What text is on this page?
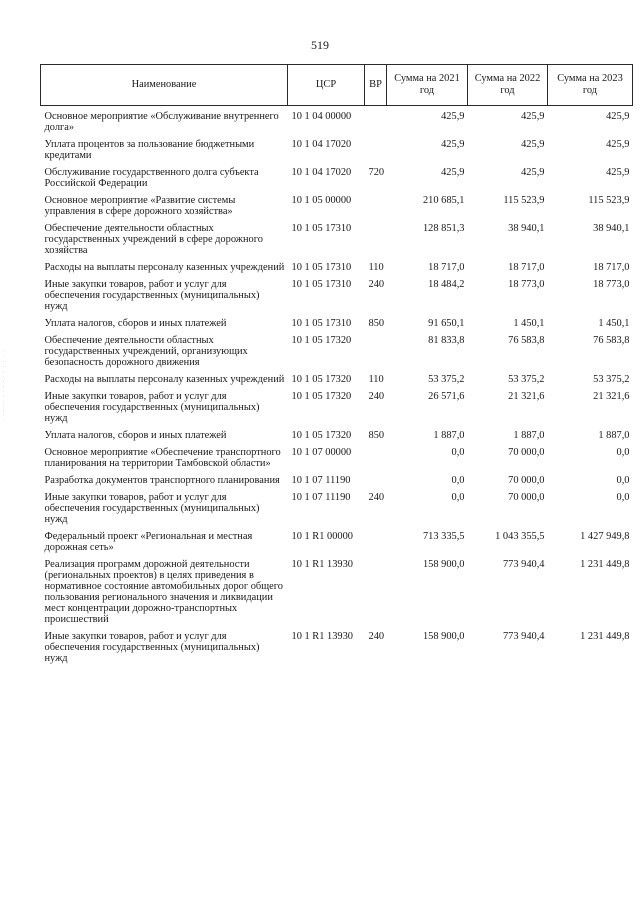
519
· · · · · · · · · · · · · · ·
Наименование	ЦСР	ВР	Сумма на 2021 год	Сумма на 2022 год	Сумма на 2023 год

Основное мероприятие «Обслуживание внутреннего долга»	10 1 04 00000		425,9	425,9	425,9
Уплата процентов за пользование бюджетными кредитами	10 1 04 17020		425,9	425,9	425,9
Обслуживание государственного долга субъекта Российской Федерации	10 1 04 17020	720	425,9	425,9	425,9
Основное мероприятие «Развитие системы управления в сфере дорожного хозяйства»	10 1 05 00000		210 685,1	115 523,9	115 523,9
Обеспечение деятельности областных государственных учреждений в сфере дорожного хозяйства	10 1 05 17310		128 851,3	38 940,1	38 940,1
Расходы на выплаты персоналу казенных учреждений	10 1 05 17310	110	18 717,0	18 717,0	18 717,0
Иные закупки товаров, работ и услуг для обеспечения государственных (муниципальных) нужд	10 1 05 17310	240	18 484,2	18 773,0	18 773,0
Уплата налогов, сборов и иных платежей	10 1 05 17310	850	91 650,1	1 450,1	1 450,1
Обеспечение деятельности областных государственных учреждений, организующих безопасность дорожного движения	10 1 05 17320		81 833,8	76 583,8	76 583,8
Расходы на выплаты персоналу казенных учреждений	10 1 05 17320	110	53 375,2	53 375,2	53 375,2
Иные закупки товаров, работ и услуг для обеспечения государственных (муниципальных) нужд	10 1 05 17320	240	26 571,6	21 321,6	21 321,6
Уплата налогов, сборов и иных платежей	10 1 05 17320	850	1 887,0	1 887,0	1 887,0
Основное мероприятие «Обеспечение транспортного планирования на территории Тамбовской области»	10 1 07 00000		0,0	70 000,0	0,0
Разработка документов транспортного планирования	10 1 07 11190		0,0	70 000,0	0,0
Иные закупки товаров, работ и услуг для обеспечения государственных (муниципальных) нужд	10 1 07 11190	240	0,0	70 000,0	0,0
Федеральный проект «Региональная и местная дорожная сеть»	10 1 R1 00000		713 335,5	1 043 355,5	1 427 949,8
Реализация программ дорожной деятельности (региональных проектов) в целях приведения в нормативное состояние автомобильных дорог общего пользования регионального значения и ликвидации мест концентрации дорожно-транспортных происшествий	10 1 R1 13930		158 900,0	773 940,4	1 231 449,8
Иные закупки товаров, работ и услуг для обеспечения государственных (муниципальных) нужд	10 1 R1 13930	240	158 900,0	773 940,4	1 231 449,8
